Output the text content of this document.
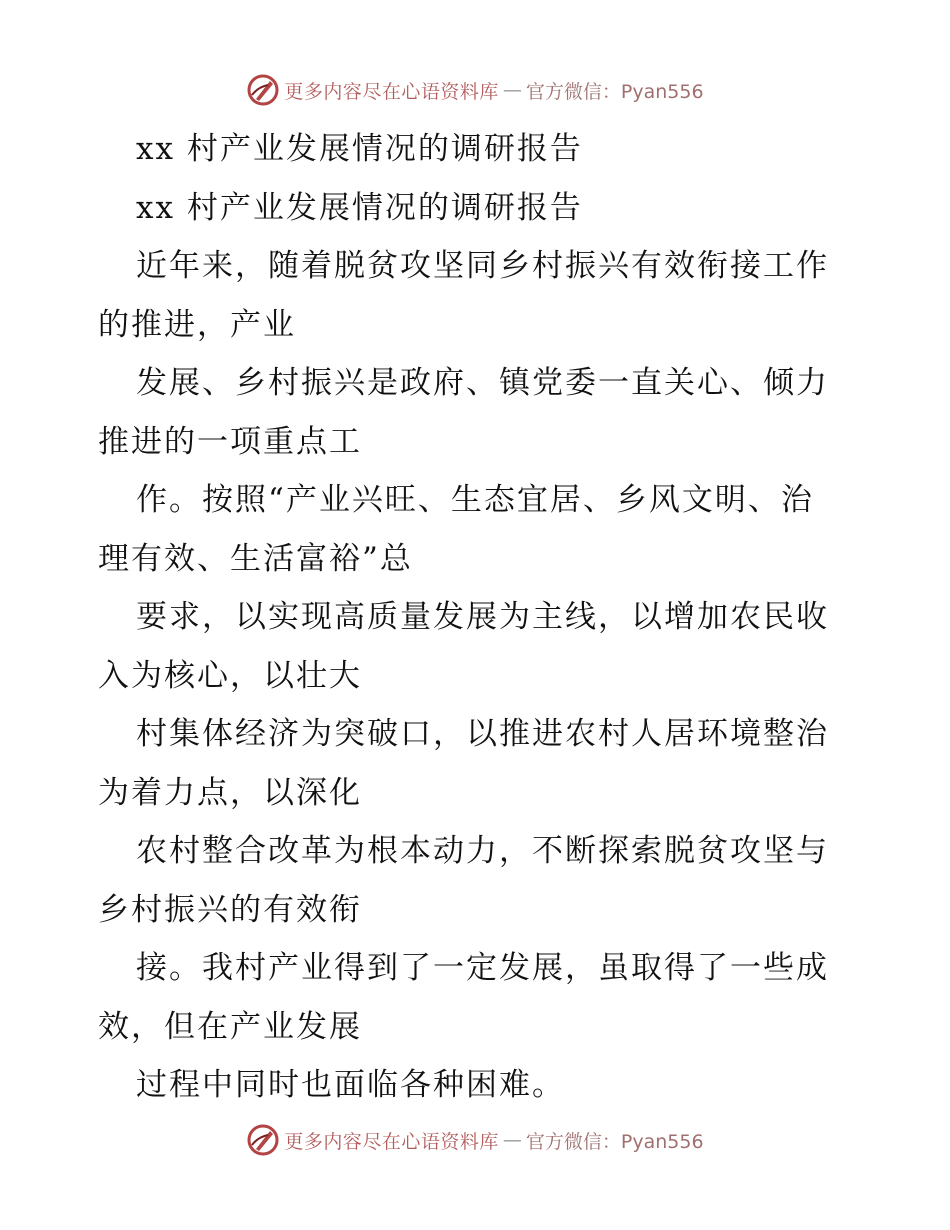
更多内容尽在心语资料库 — 官方微信：Pyan556
xx 村产业发展情况的调研报告
xx 村产业发展情况的调研报告
近年来，随着脱贫攻坚同乡村振兴有效衔接工作
的推进，产业
发展、乡村振兴是政府、镇党委一直关心、倾力
推进的一项重点工
作。按照“产业兴旺、生态宜居、乡风文明、治
理有效、生活富裕”总
要求，以实现高质量发展为主线，以增加农民收
入为核心，以壮大
村集体经济为突破口，以推进农村人居环境整治
为着力点，以深化
农村整合改革为根本动力，不断探索脱贫攻坚与
乡村振兴的有效衔
接。我村产业得到了一定发展，虽取得了一些成
效，但在产业发展
过程中同时也面临各种困难。
更多内容尽在心语资料库 — 官方微信：Pyan556
